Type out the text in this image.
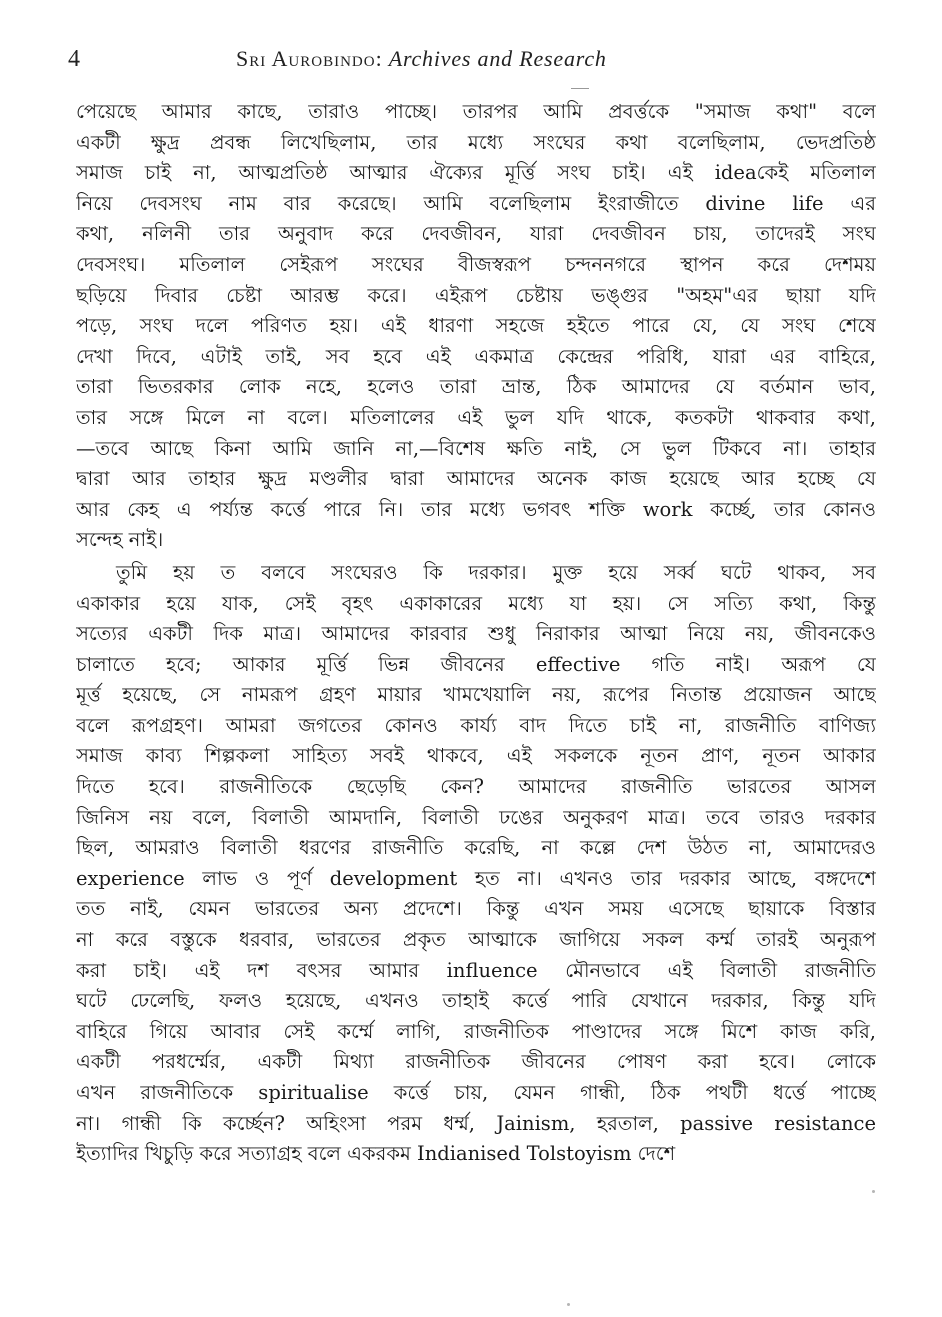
4	Sri Aurobindo: Archives and Research
পেয়েছে আমার কাছে, তারাও পাচ্ছে। তারপর আমি প্রবর্ত্তকে "সমাজ কথা" বলে
একটী ক্ষুদ্র প্রবন্ধ লিখেছিলাম, তার মধ্যে সংঘের কথা বলেছিলাম, ভেদপ্রতিষ্ঠ
সমাজ চাই না, আত্মপ্রতিষ্ঠ আত্মার ঐক্যের মূর্ত্তি সংঘ চাই। এই ideaকেই মতিলাল
নিয়ে দেবসংঘ নাম বার করেছে। আমি বলেছিলাম ইংরাজীতে divine life এর
কথা, নলিনী তার অনুবাদ করে দেবজীবন, যারা দেবজীবন চায়, তাদেরই সংঘ
দেবসংঘ। মতিলাল সেইরূপ সংঘের বীজস্বরূপ চন্দননগরে স্থাপন করে দেশময়
ছড়িয়ে দিবার চেষ্টা আরম্ভ করে। এইরূপ চেষ্টায় ভঙ্গুর "অহম"এর ছায়া যদি
পড়ে, সংঘ দলে পরিণত হয়। এই ধারণা সহজে হইতে পারে যে, যে সংঘ শেষে
দেখা দিবে, এটাই তাই, সব হবে এই একমাত্র কেন্দ্রের পরিধি, যারা এর বাহিরে,
তারা ভিতরকার লোক নহে, হলেও তারা ভ্রান্ত, ঠিক আমাদের যে বর্তমান ভাব,
তার সঙ্গে মিলে না বলে। মতিলালের এই ভুল যদি থাকে, কতকটা থাকবার কথা,
—তবে আছে কিনা আমি জানি না,—বিশেষ ক্ষতি নাই, সে ভুল টিকবে না। তাহার
দ্বারা আর তাহার ক্ষুদ্র মণ্ডলীর দ্বারা আমাদের অনেক কাজ হয়েছে আর হচ্ছে যে
আর কেহ এ পর্য্যন্ত কর্ত্তে পারে নি। তার মধ্যে ভগবৎ শক্তি work কর্চ্ছে, তার কোনও
সন্দেহ নাই।
তুমি হয় ত বলবে সংঘেরও কি দরকার। মুক্ত হয়ে সর্ব্ব ঘটে থাকব, সব
একাকার হয়ে যাক, সেই বৃহৎ একাকারের মধ্যে যা হয়। সে সত্যি কথা, কিন্তু
সত্যের একটী দিক মাত্র। আমাদের কারবার শুধু নিরাকার আত্মা নিয়ে নয়, জীবনকেও
চালাতে হবে; আকার মূর্ত্তি ভিন্ন জীবনের effective গতি নাই। অরূপ যে
মূর্ত্ত হয়েছে, সে নামরূপ গ্রহণ মায়ার খামখেয়ালি নয়, রূপের নিতান্ত প্রয়োজন আছে
বলে রূপগ্রহণ। আমরা জগতের কোনও কার্য্য বাদ দিতে চাই না, রাজনীতি বাণিজ্য
সমাজ কাব্য শিল্পকলা সাহিত্য সবই থাকবে, এই সকলকে নূতন প্রাণ, নূতন আকার
দিতে হবে। রাজনীতিকে ছেড়েছি কেন? আমাদের রাজনীতি ভারতের আসল
জিনিস নয় বলে, বিলাতী আমদানি, বিলাতী ঢঙের অনুকরণ মাত্র। তবে তারও দরকার
ছিল, আমরাও বিলাতী ধরণের রাজনীতি করেছি, না কল্লে দেশ উঠত না, আমাদেরও
experience লাভ ও পূর্ণ development হত না। এখনও তার দরকার আছে, বঙ্গদেশে
তত নাই, যেমন ভারতের অন্য প্রদেশে। কিন্তু এখন সময় এসেছে ছায়াকে বিস্তার
না করে বস্তুকে ধরবার, ভারতের প্রকৃত আত্মাকে জাগিয়ে সকল কর্ম্ম তারই অনুরূপ
করা চাই। এই দশ বৎসর আমার influence মৌনভাবে এই বিলাতী রাজনীতি
ঘটে ঢেলেছি, ফলও হয়েছে, এখনও তাহাই কর্ত্তে পারি যেখানে দরকার, কিন্তু যদি
বাহিরে গিয়ে আবার সেই কর্ম্মে লাগি, রাজনীতিক পাণ্ডাদের সঙ্গে মিশে কাজ করি,
একটী পরধর্ম্মের, একটী মিথ্যা রাজনীতিক জীবনের পোষণ করা হবে। লোকে
এখন রাজনীতিকে spiritualise কর্ত্তে চায়, যেমন গান্ধী, ঠিক পথটী ধর্ত্তে পাচ্ছে
না। গান্ধী কি কর্চ্ছেন? অহিংসা পরম ধর্ম্ম, Jainism, হরতাল, passive resistance
ইত্যাদির খিচুড়ি করে সত্যাগ্রহ বলে একরকম Indianised Tolstoyism দেশে
